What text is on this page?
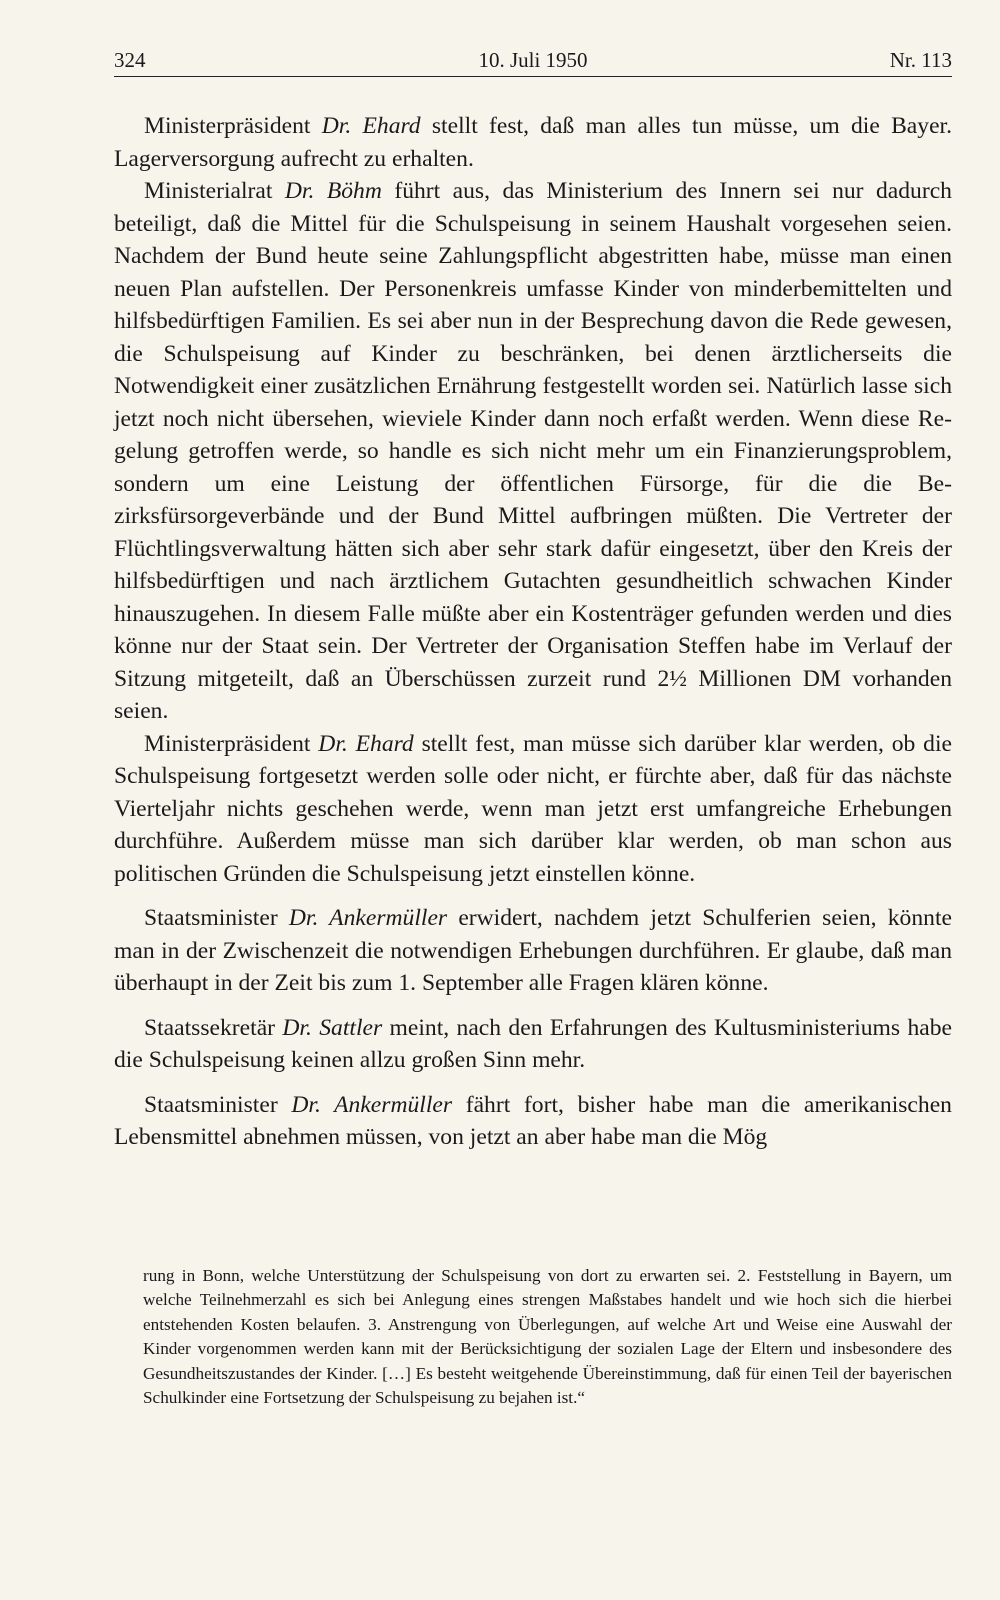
324	10. Juli 1950	Nr. 113

Ministerpräsident Dr. Ehard stellt fest, daß man alles tun müsse, um die Bayer. Lagerversorgung aufrecht zu erhalten.

Ministerialrat Dr. Böhm führt aus, das Ministerium des Innern sei nur dadurch beteiligt, daß die Mittel für die Schulspeisung in seinem Haushalt vorgesehen seien. Nachdem der Bund heute seine Zahlungspflicht abgestritten habe, müsse man einen neuen Plan aufstellen. Der Personenkreis umfasse Kinder von minderbemittelten und hilfsbedürftigen Familien. Es sei aber nun in der Besprechung davon die Rede gewesen, die Schulspeisung auf Kinder zu beschränken, bei denen ärztlicherseits die Notwendigkeit einer zusätzlichen Ernährung festgestellt worden sei. Natürlich lasse sich jetzt noch nicht übersehen, wieviele Kinder dann noch erfaßt werden. Wenn diese Regelung getroffen werde, so handle es sich nicht mehr um ein Finanzierungsproblem, sondern um eine Leistung der öffentlichen Fürsorge, für die die Bezirksfürsorgeverbände und der Bund Mittel aufbringen müßten. Die Vertreter der Flüchtlingsverwaltung hätten sich aber sehr stark dafür eingesetzt, über den Kreis der hilfsbedürftigen und nach ärztlichem Gutachten gesundheitlich schwachen Kinder hinauszugehen. In diesem Falle müßte aber ein Kostenträger gefunden werden und dies könne nur der Staat sein. Der Vertreter der Organisation Steffen habe im Verlauf der Sitzung mitgeteilt, daß an Überschüssen zurzeit rund 2½ Millionen DM vorhanden seien.

Ministerpräsident Dr. Ehard stellt fest, man müsse sich darüber klar werden, ob die Schulspeisung fortgesetzt werden solle oder nicht, er fürchte aber, daß für das nächste Vierteljahr nichts geschehen werde, wenn man jetzt erst umfangreiche Erhebungen durchführe. Außerdem müsse man sich darüber klar werden, ob man schon aus politischen Gründen die Schulspeisung jetzt einstellen könne.

Staatsminister Dr. Ankermüller erwidert, nachdem jetzt Schulferien seien, könnte man in der Zwischenzeit die notwendigen Erhebungen durchführen. Er glaube, daß man überhaupt in der Zeit bis zum 1. September alle Fragen klären könne.

Staatssekretär Dr. Sattler meint, nach den Erfahrungen des Kultusministeriums habe die Schulspeisung keinen allzu großen Sinn mehr.

Staatsminister Dr. Ankermüller fährt fort, bisher habe man die amerikanischen Lebensmittel abnehmen müssen, von jetzt an aber habe man die Mög

rung in Bonn, welche Unterstützung der Schulspeisung von dort zu erwarten sei. 2. Feststellung in Bayern, um welche Teilnehmerzahl es sich bei Anlegung eines strengen Maßstabes handelt und wie hoch sich die hierbei entstehenden Kosten belaufen. 3. Anstrengung von Überlegungen, auf welche Art und Weise eine Auswahl der Kinder vorgenommen werden kann mit der Berücksichtigung der sozialen Lage der Eltern und insbesondere des Gesundheitszustandes der Kinder. […] Es besteht weitgehende Übereinstimmung, daß für einen Teil der bayerischen Schulkinder eine Fortsetzung der Schulspeisung zu bejahen ist.“
